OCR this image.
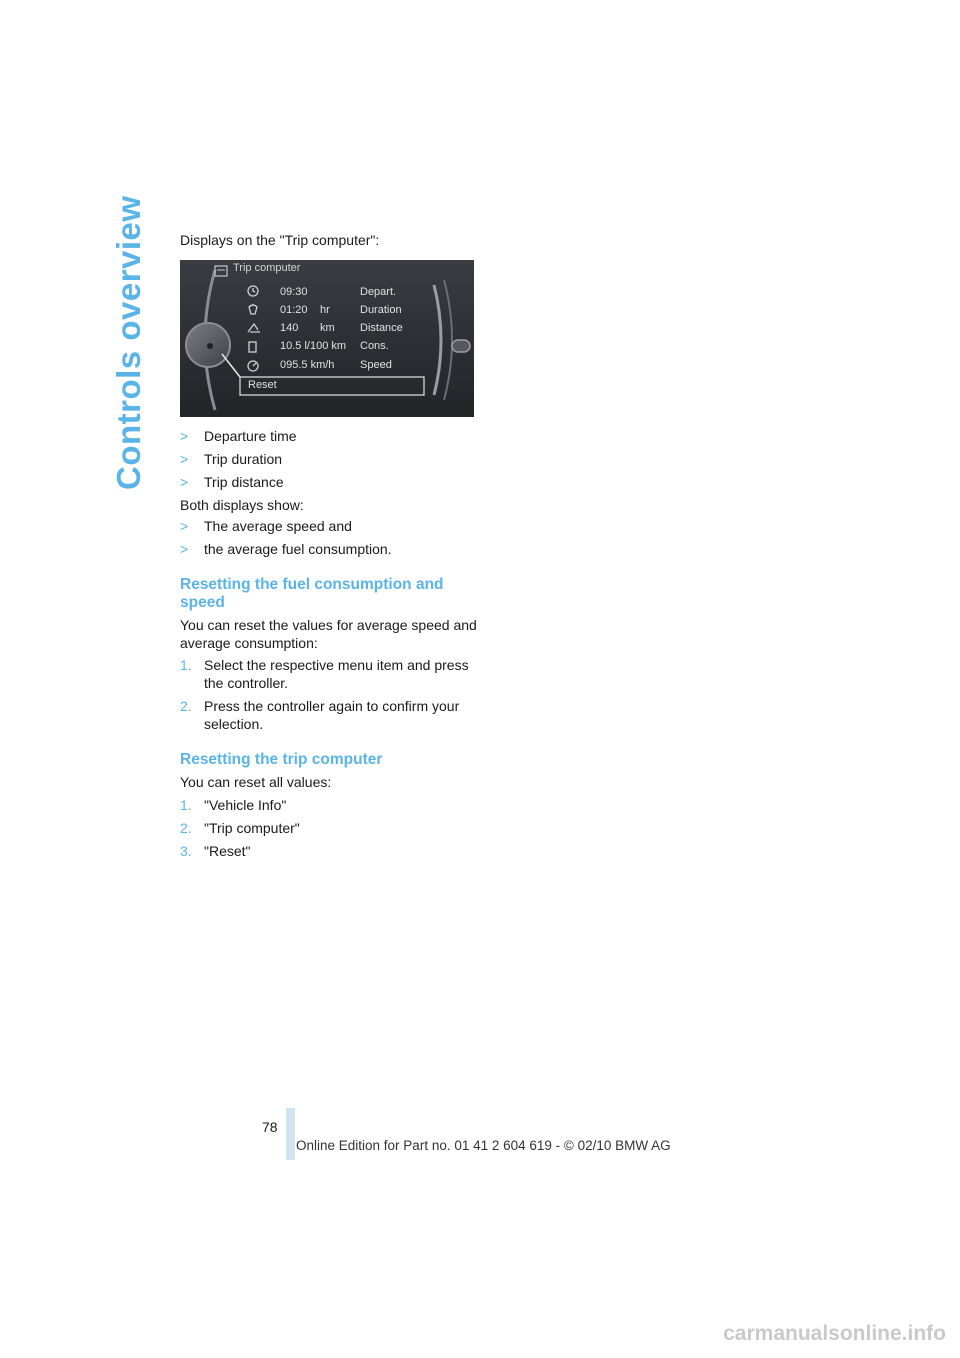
Controls overview Displays on the "Trip computer":
Trip computer
09:30	Depart.
01:20 hr	Duration
140 km Distance
10.5 l/100 km Cons.
095.5 km/h Speed
Reset
> Departure time
> Trip duration
> Trip distance
Both displays show:
> The average speed and
> the average fuel consumption.
Resetting the fuel consumption and speed
You can reset the values for average speed and average consumption:
1. Select the respective menu item and press the controller.
2. Press the controller again to confirm your selection.
Resetting the trip computer
You can reset all values:
1. "Vehicle Info"
2. "Trip computer"
3. "Reset"
78
Online Edition for Part no. 01 41 2 604 619 - © 02/10 BMW AG
carmanualsonline.info
